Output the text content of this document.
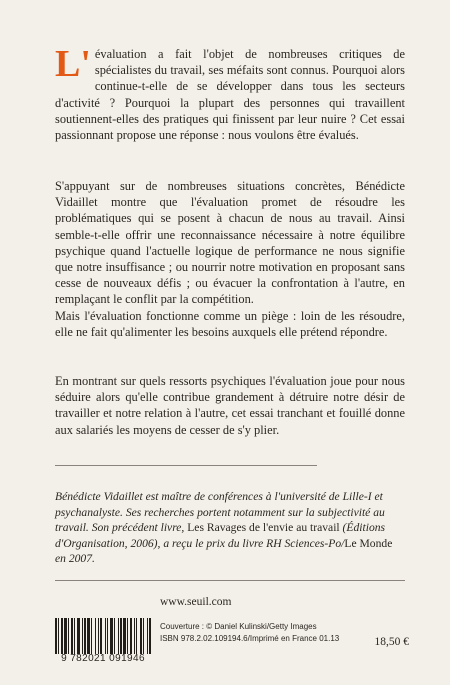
L' évaluation a fait l'objet de nombreuses critiques de spécialistes du travail, ses méfaits sont connus. Pourquoi alors continue-t-elle de se développer dans tous les secteurs d'activité ? Pourquoi la plupart des personnes qui travaillent soutiennent-elles des pratiques qui finissent par leur nuire ? Cet essai passionnant propose une réponse : nous voulons être évalués.
S'appuyant sur de nombreuses situations concrètes, Bénédicte Vidaillet montre que l'évaluation promet de résoudre les problématiques qui se posent à chacun de nous au travail. Ainsi semble-t-elle offrir une reconnaissance nécessaire à notre équilibre psychique quand l'actuelle logique de performance ne nous signifie que notre insuffisance ; ou nourrir notre motivation en proposant sans cesse de nouveaux défis ; ou évacuer la confrontation à l'autre, en remplaçant le conflit par la compétition.
Mais l'évaluation fonctionne comme un piège : loin de les résoudre, elle ne fait qu'alimenter les besoins auxquels elle prétend répondre.
En montrant sur quels ressorts psychiques l'évaluation joue pour nous séduire alors qu'elle contribue grandement à détruire notre désir de travailler et notre relation à l'autre, cet essai tranchant et fouillé donne aux salariés les moyens de cesser de s'y plier.
Bénédicte Vidaillet est maître de conférences à l'université de Lille-I et psychanalyste. Ses recherches portent notamment sur la subjectivité au travail. Son précédent livre, Les Ravages de l'envie au travail (Éditions d'Organisation, 2006), a reçu le prix du livre RH Sciences-Po/Le Monde en 2007.
www.seuil.com
9 782021 091946
Couverture : © Daniel Kulinski/Getty Images
ISBN 978.2.02.109194.6/Imprimé en France 01.13	18,50 €
